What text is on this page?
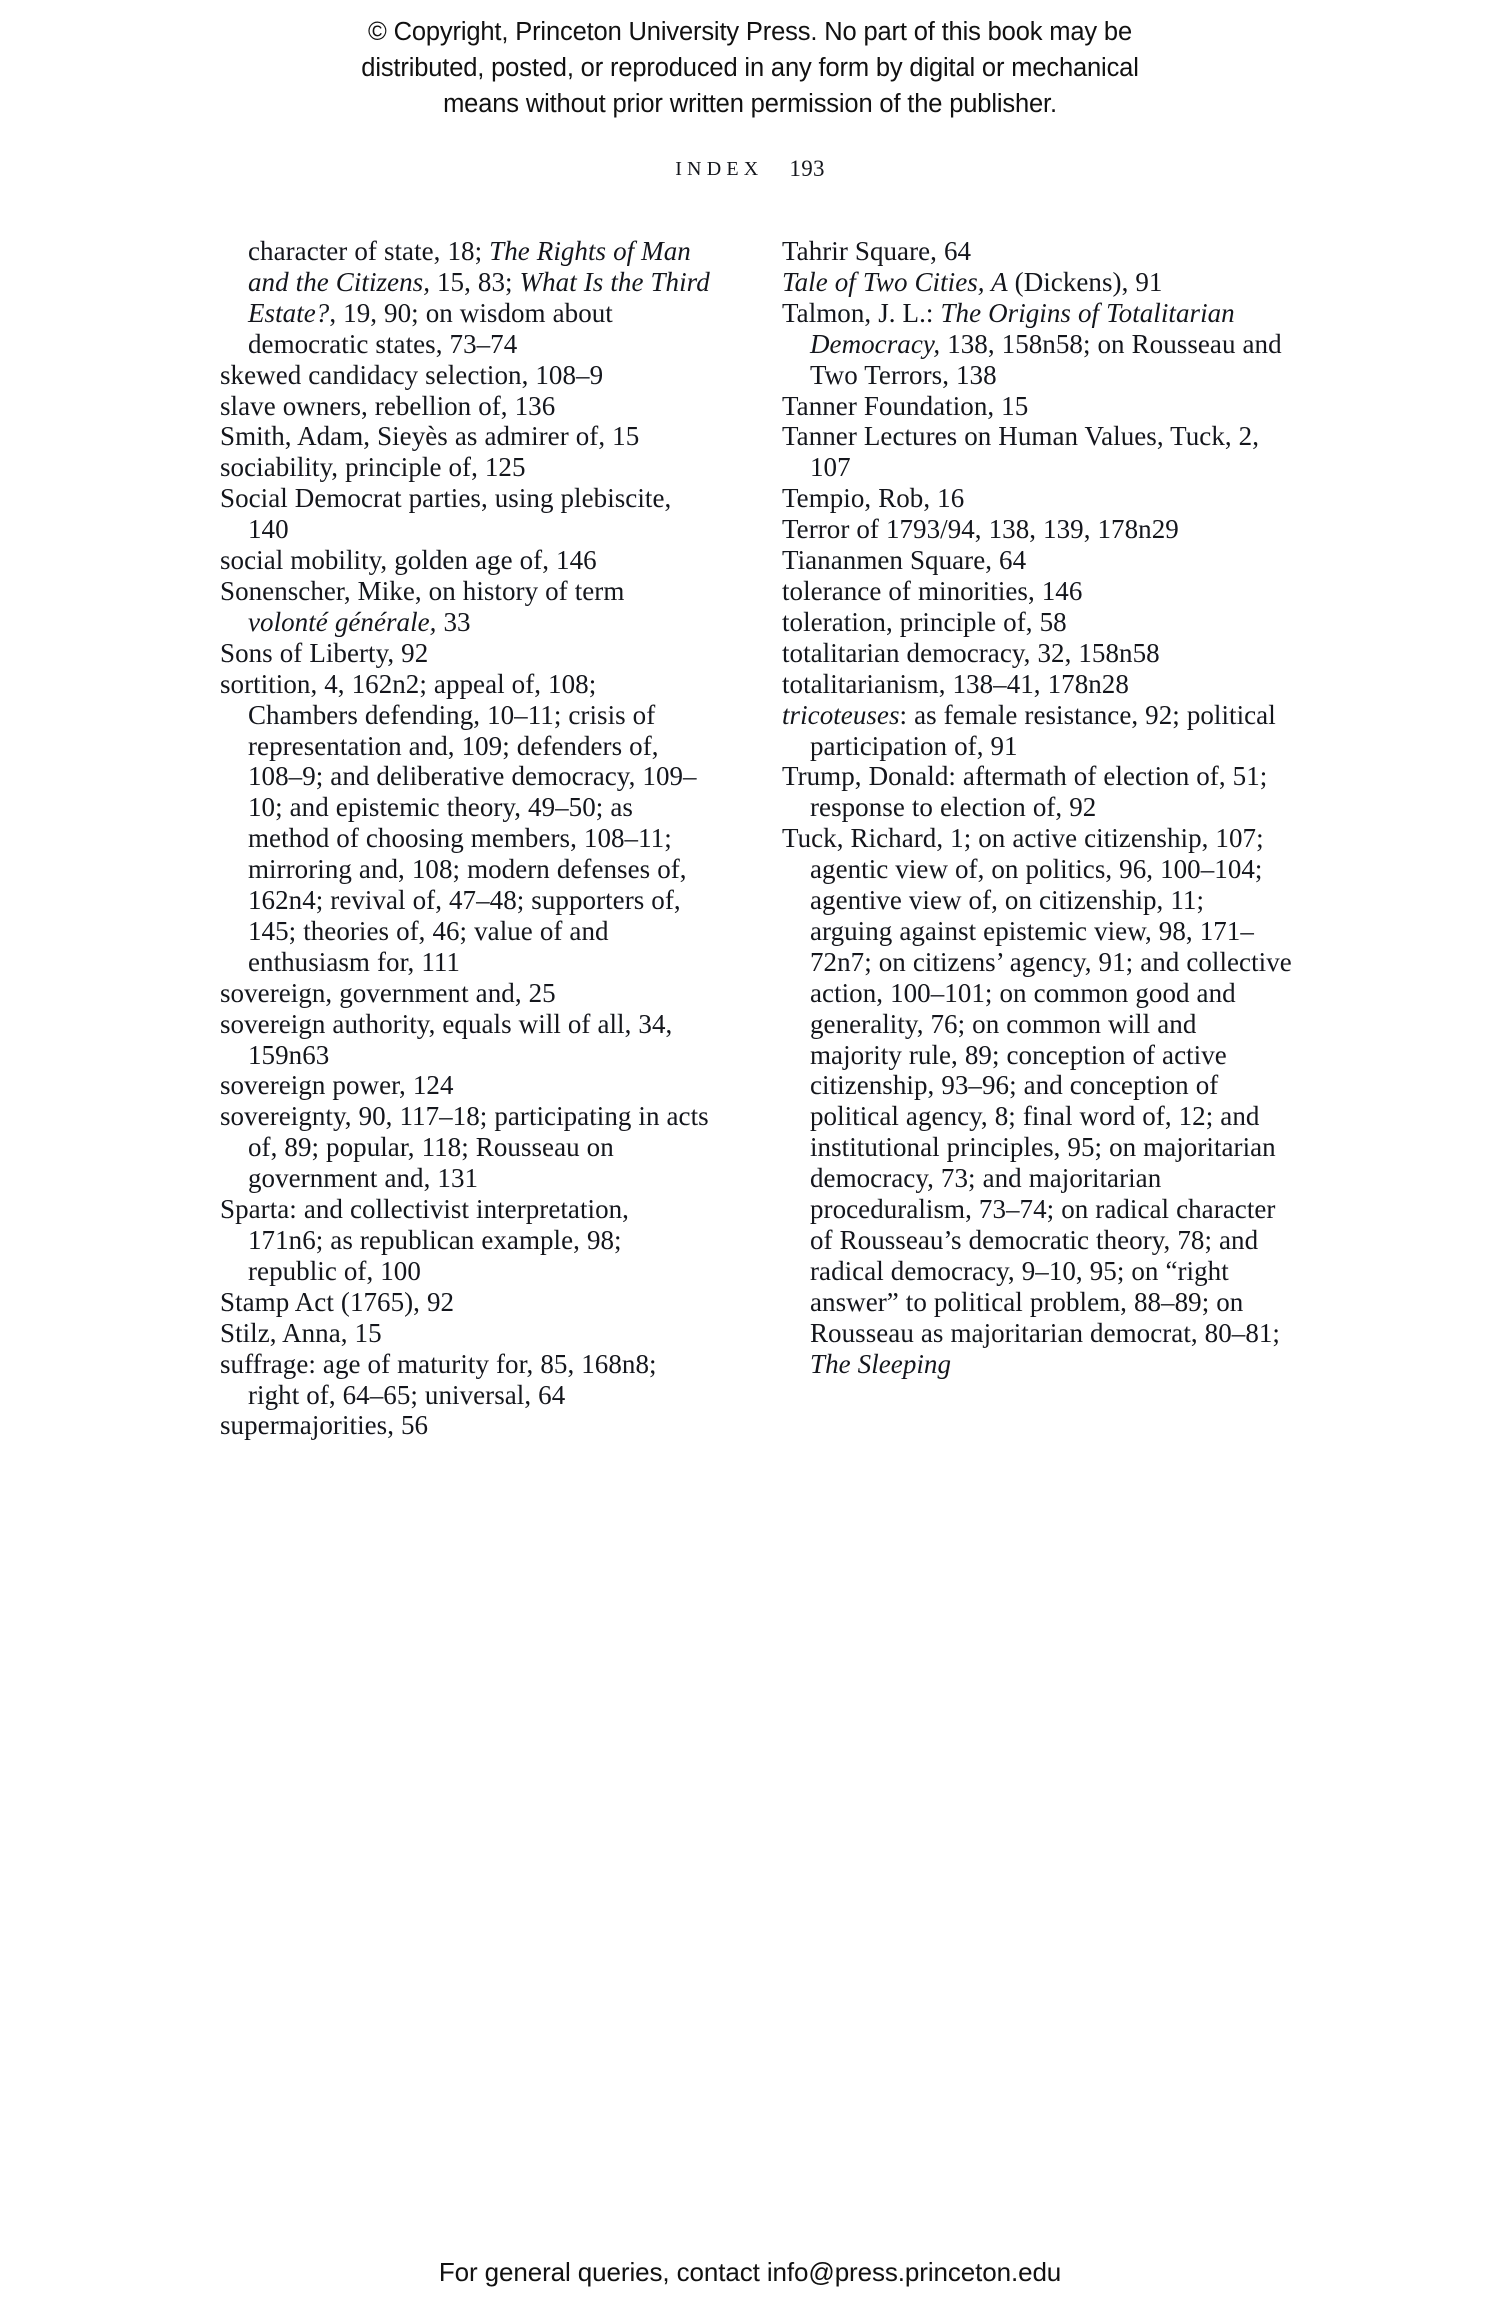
© Copyright, Princeton University Press. No part of this book may be
distributed, posted, or reproduced in any form by digital or mechanical
means without prior written permission of the publisher.
INDEX 193

character of state, 18; The Rights of Man and the Citizens, 15, 83; What Is the Third Estate?, 19, 90; on wisdom about democratic states, 73–74

skewed candidacy selection, 108–9

slave owners, rebellion of, 136

Smith, Adam, Sieyès as admirer of, 15

sociability, principle of, 125

Social Democrat parties, using plebiscite, 140

social mobility, golden age of, 146

Sonenscher, Mike, on history of term volonté générale, 33

Sons of Liberty, 92

sortition, 4, 162n2; appeal of, 108; Chambers defending, 10–11; crisis of representation and, 109; defenders of, 108–9; and deliberative democracy, 109–10; and epistemic theory, 49–50; as method of choosing members, 108–11; mirroring and, 108; modern defenses of, 162n4; revival of, 47–48; supporters of, 145; theories of, 46; value of and enthusiasm for, 111

sovereign, government and, 25

sovereign authority, equals will of all, 34, 159n63

sovereign power, 124

sovereignty, 90, 117–18; participating in acts of, 89; popular, 118; Rousseau on government and, 131

Sparta: and collectivist interpretation, 171n6; as republican example, 98; republic of, 100

Stamp Act (1765), 92

Stilz, Anna, 15

suffrage: age of maturity for, 85, 168n8; right of, 64–65; universal, 64

supermajorities, 56

Tahrir Square, 64

Tale of Two Cities, A (Dickens), 91

Talmon, J. L.: The Origins of Totalitarian Democracy, 138, 158n58; on Rousseau and Two Terrors, 138

Tanner Foundation, 15

Tanner Lectures on Human Values, Tuck, 2, 107

Tempio, Rob, 16

Terror of 1793/94, 138, 139, 178n29

Tiananmen Square, 64

tolerance of minorities, 146

toleration, principle of, 58

totalitarian democracy, 32, 158n58

totalitarianism, 138–41, 178n28

tricoteuses: as female resistance, 92; political participation of, 91

Trump, Donald: aftermath of election of, 51; response to election of, 92

Tuck, Richard, 1; on active citizenship, 107; agentic view of, on politics, 96, 100–104; agentive view of, on citizenship, 11; arguing against epistemic view, 98, 171–72n7; on citizens’ agency, 91; and collective action, 100–101; on common good and generality, 76; on common will and majority rule, 89; conception of active citizenship, 93–96; and conception of political agency, 8; final word of, 12; and institutional principles, 95; on majoritarian democracy, 73; and majoritarian proceduralism, 73–74; on radical character of Rousseau’s democratic theory, 78; and radical democracy, 9–10, 95; on “right answer” to political problem, 88–89; on Rousseau as majoritarian democrat, 80–81; The Sleeping

For general queries, contact info@press.princeton.edu
